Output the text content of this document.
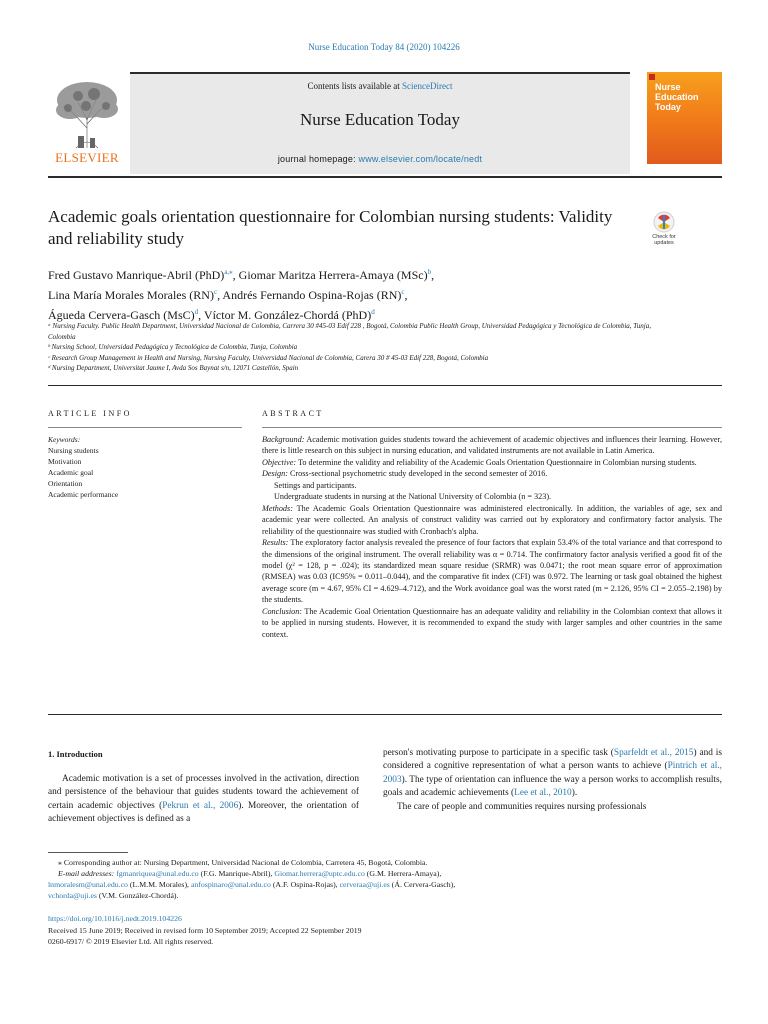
Nurse Education Today 84 (2020) 104226
ELSEVIER
Contents lists available at ScienceDirect
Nurse Education Today
journal homepage: www.elsevier.com/locate/nedt
Nurse Education Today
Academic goals orientation questionnaire for Colombian nursing students: Validity and reliability study	Check for updates
Fred Gustavo Manrique-Abril (PhD)$^{a,⁎}$, Giomar Maritza Herrera-Amaya (MSc)$^b$,
Lina María Morales Morales (RN)$^c$, Andrés Fernando Ospina-Rojas (RN)$^c$,
Águeda Cervera-Gasch (MsC)$^d$, Víctor M. González-Chordá (PhD)$^d$
ᵃ Nursing Faculty. Public Health Department, Universidad Nacional de Colombia, Carrera 30 #45-03 Edif 228 , Bogotá, Colombia Public Health Group, Universidad Pedagógica y Tecnológica de Colombia, Tunja, Colombia
ᵇ Nursing School, Universidad Pedagógica y Tecnológica de Colombia, Tunja, Colombia
ᶜ Research Group Management in Health and Nursing, Nursing Faculty, Universidad Nacional de Colombia, Carera 30 # 45-03 Edif 228, Bogotá, Colombia
ᵈ Nursing Department, Universitat Jaume I, Avda Sos Baynat s/n, 12071 Castellón, Spain
ARTICLE INFO	ABSTRACT
Keywords:
Nursing students
Motivation
Academic goal
Orientation
Academic performance

Background: Academic motivation guides students toward the achievement of academic objectives and influences their learning. However, there is little research on this subject in nursing education, and validated instruments are not available in Latin America.

Objective: To determine the validity and reliability of the Academic Goals Orientation Questionnaire in Colombian nursing students.

Design: Cross-sectional psychometric study developed in the second semester of 2016.

Settings and participants.

Undergraduate students in nursing at the National University of Colombia (n = 323).

Methods: The Academic Goals Orientation Questionnaire was administered electronically. In addition, the variables of age, sex and academic year were collected. An analysis of construct validity was carried out by exploratory and confirmatory factor analysis. The reliability of the questionnaire was studied with Cronbach's alpha.

Results: The exploratory factor analysis revealed the presence of four factors that explain 53.4% of the total variance and that correspond to the dimensions of the original instrument. The overall reliability was α = 0.714. The confirmatory factor analysis verified a good fit of the model (χ² = 128, p = .024); its standardized mean square residue (SRMR) was 0.0471; the root mean square error of approximation (RMSEA) was 0.03 (IC95% = 0.011–0.044), and the comparative fit index (CFI) was 0.972. The learning or task goal obtained the highest average score (m = 4.67, 95% CI = 4.629–4.712), and the Work avoidance goal was the worst rated (m = 2.126, 95% CI = 2.055–2.198) by the students.

Conclusion: The Academic Goal Orientation Questionnaire has an adequate validity and reliability in the Colombian context that allows it to be applied in nursing students. However, it is recommended to expand the study with larger samples and other countries in the same context.

1. Introduction

Academic motivation is a set of processes involved in the activation, direction and persistence of the behaviour that guides students toward the achievement of certain academic objectives (Pekrun et al., 2006). Moreover, the orientation of achievement objectives is defined as a

person's motivating purpose to participate in a specific task (Sparfeldt et al., 2015) and is considered a cognitive representation of what a person wants to achieve (Pintrich et al., 2003). The type of orientation can influence the way a person works to accomplish results, goals and academic achievements (Lee et al., 2010).

The care of people and communities requires nursing professionals

⁎ Corresponding author at: Nursing Department, Universidad Nacional de Colombia, Carretera 45, Bogotá, Colombia.

E-mail addresses: fgmanriquea@unal.edu.co (F.G. Manrique-Abril), Giomar.herrera@uptc.edu.co (G.M. Herrera-Amaya),

lnmoralesm@unal.edu.co (L.M.M. Morales), anfospinaro@unal.edu.co (A.F. Ospina-Rojas), cerveraa@uji.es (Á. Cervera-Gasch),

vchorda@uji.es (V.M. González-Chordá).

https://doi.org/10.1016/j.nedt.2019.104226

Received 15 June 2019; Received in revised form 10 September 2019; Accepted 22 September 2019

0260-6917/ © 2019 Elsevier Ltd. All rights reserved.
